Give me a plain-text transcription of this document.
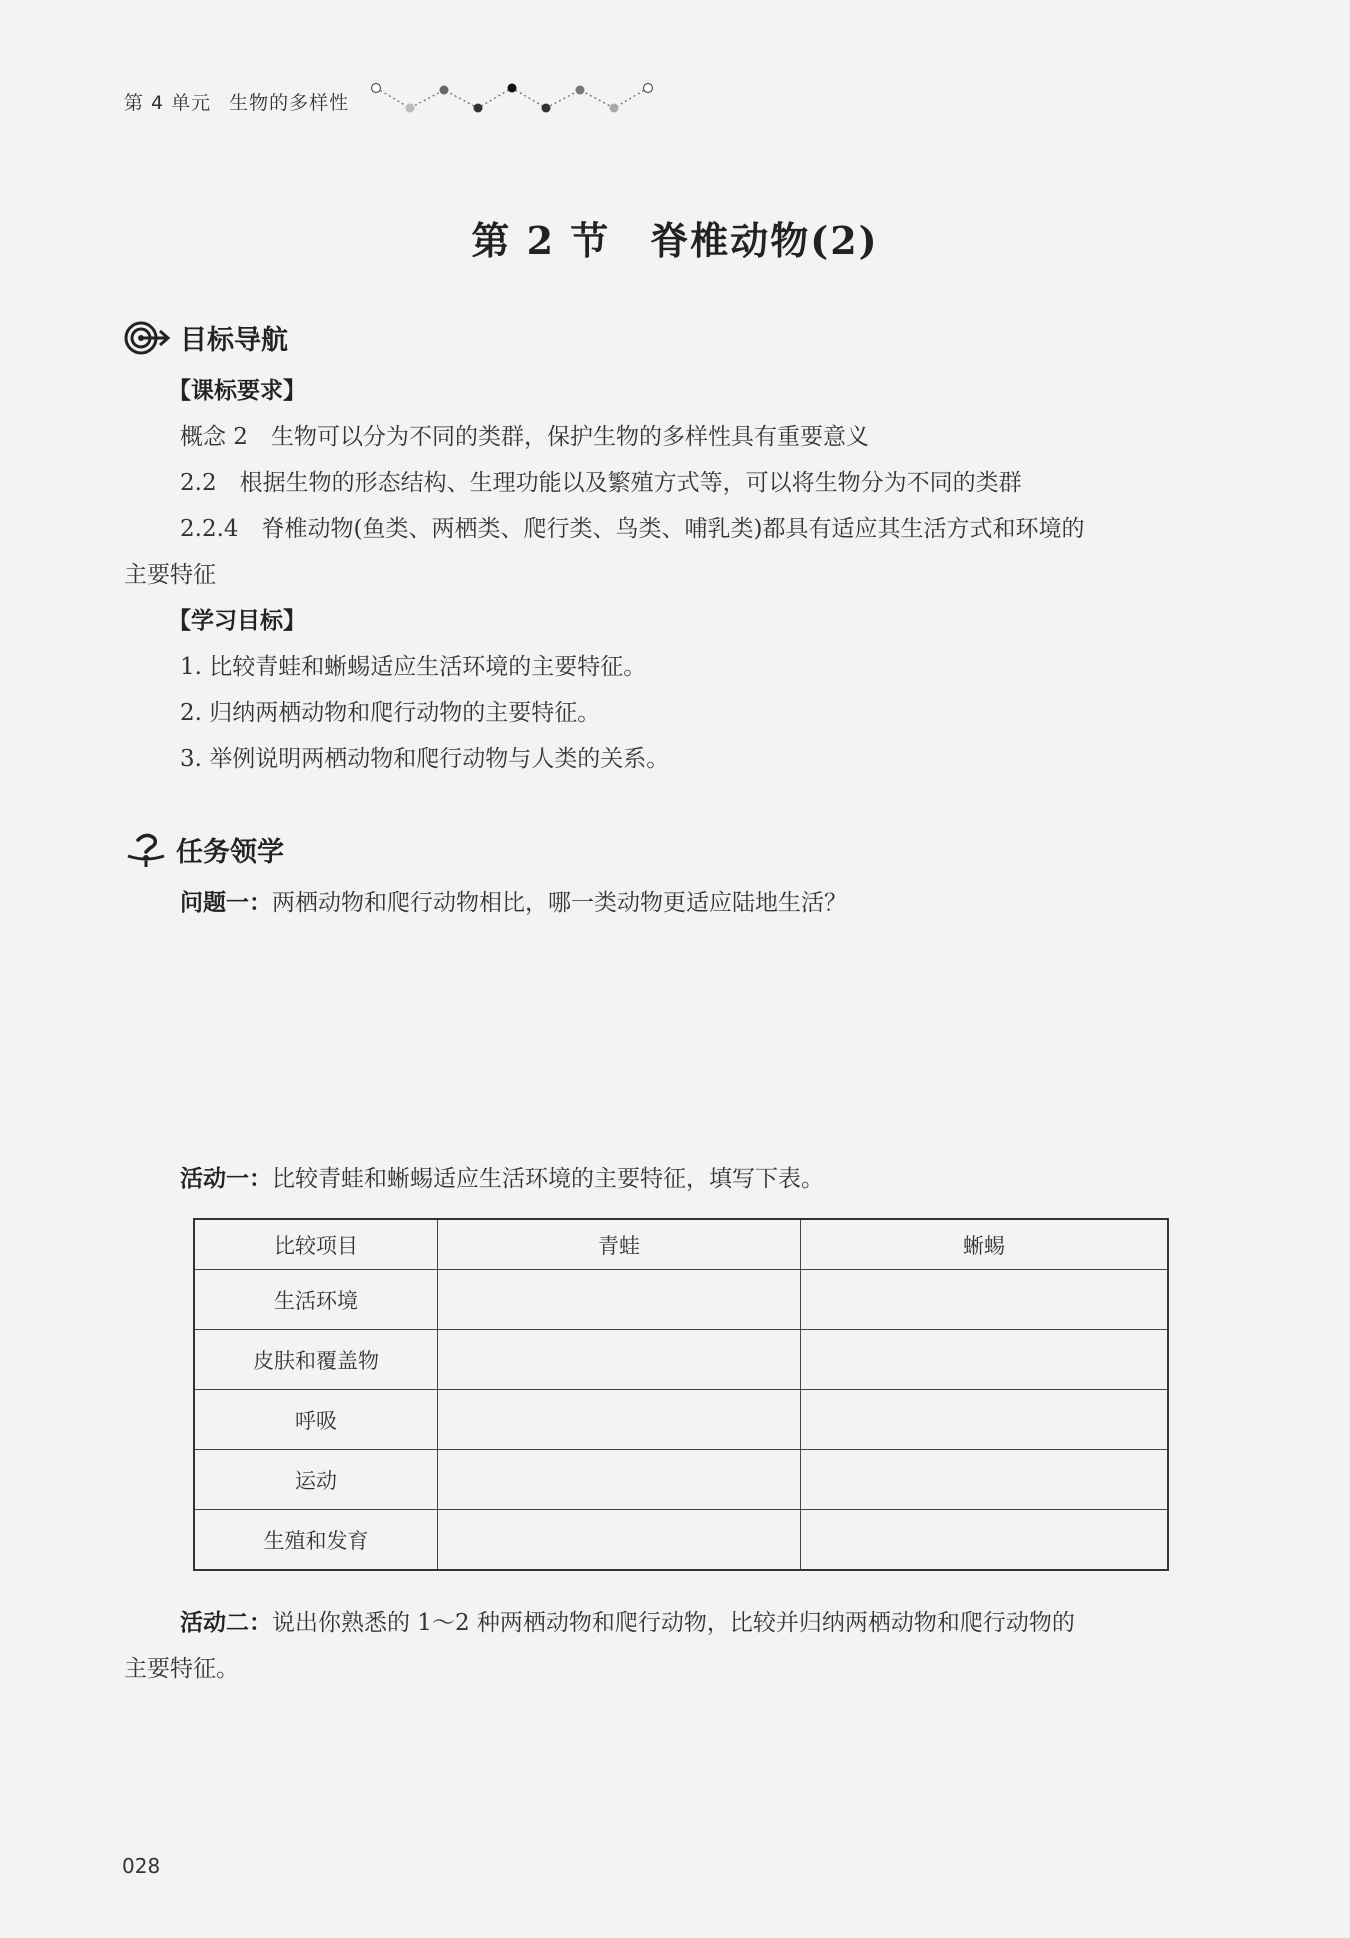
第 4 单元 生物的多样性
第 2 节　脊椎动物(2)
目标导航
【课标要求】
概念 2　生物可以分为不同的类群，保护生物的多样性具有重要意义
2.2　根据生物的形态结构、生理功能以及繁殖方式等，可以将生物分为不同的类群
2.2.4　脊椎动物(鱼类、两栖类、爬行类、鸟类、哺乳类)都具有适应其生活方式和环境的
主要特征
【学习目标】
1. 比较青蛙和蜥蜴适应生活环境的主要特征。
2. 归纳两栖动物和爬行动物的主要特征。
3. 举例说明两栖动物和爬行动物与人类的关系。
任务领学
问题一：两栖动物和爬行动物相比，哪一类动物更适应陆地生活？
活动一：比较青蛙和蜥蜴适应生活环境的主要特征，填写下表。
比较项目	青蛙	蜥蜴
生活环境		
皮肤和覆盖物		
呼吸		
运动		
生殖和发育		
活动二：说出你熟悉的 1～2 种两栖动物和爬行动物，比较并归纳两栖动物和爬行动物的
主要特征。
028
